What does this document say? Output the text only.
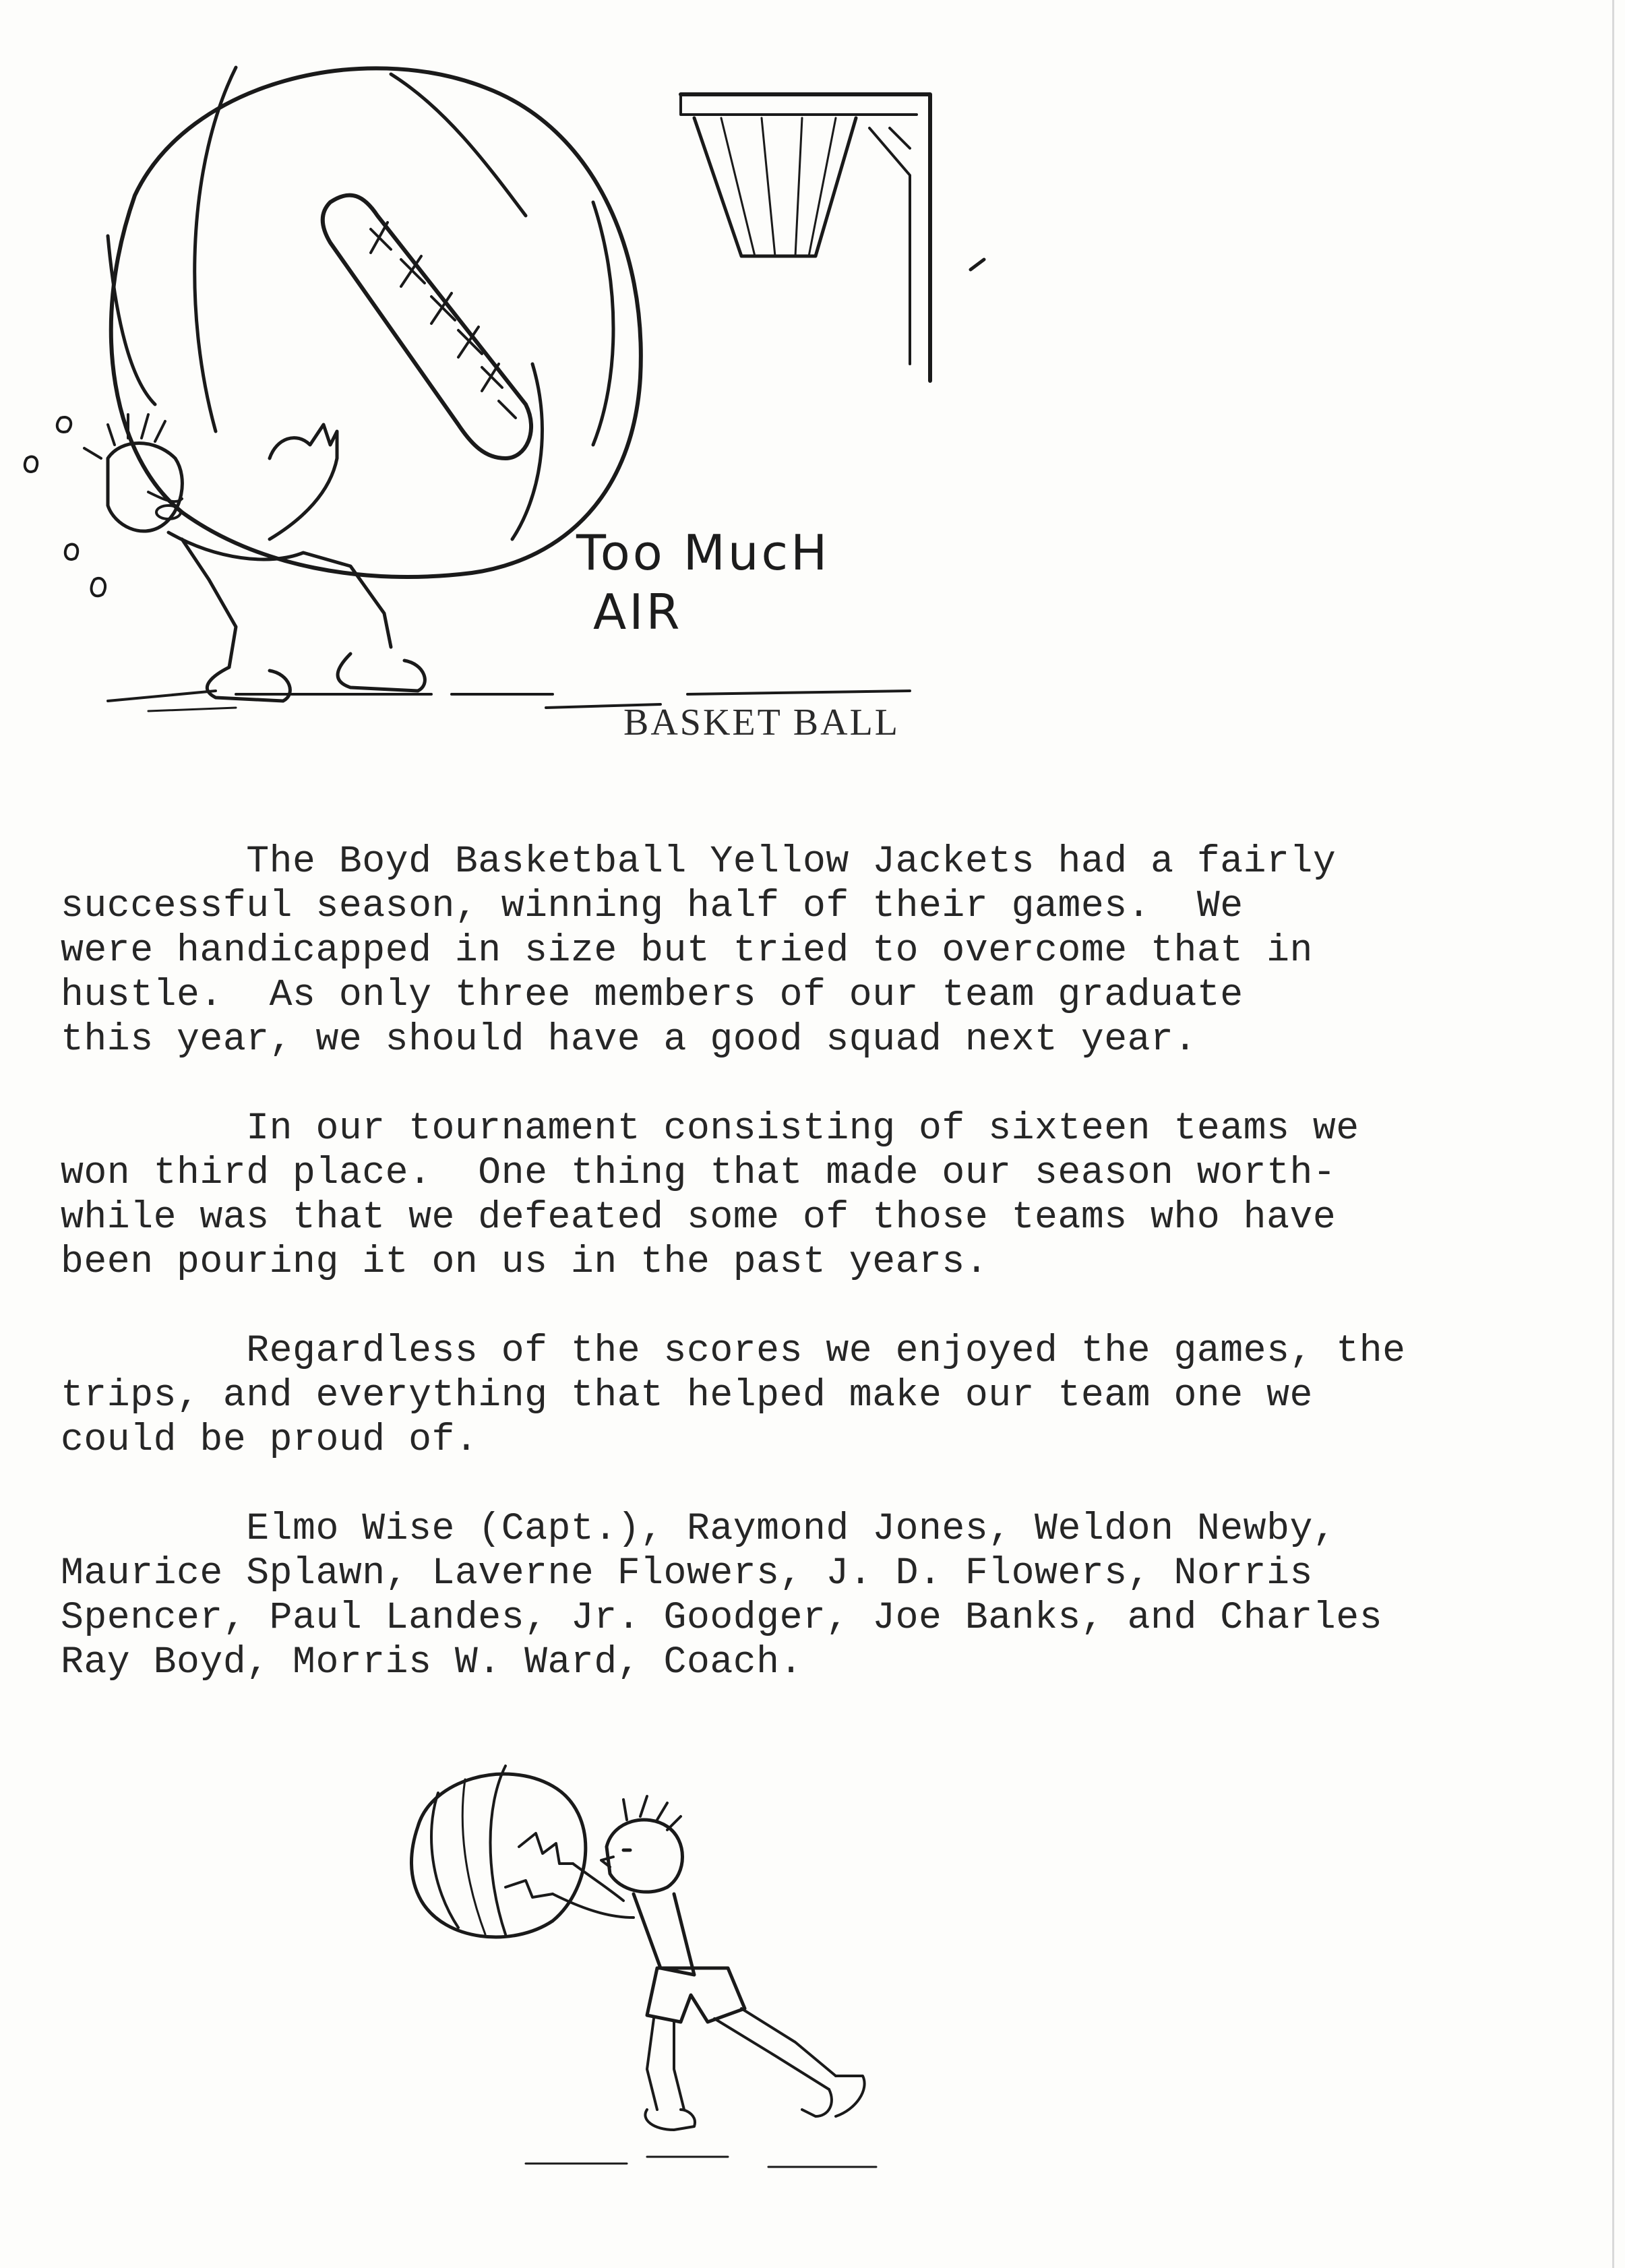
Too MucH
AIR
BASKET BALL

The Boyd Basketball Yellow Jackets had a fairly
successful season, winning half of their games.  We
were handicapped in size but tried to overcome that in
hustle.  As only three members of our team graduate
this year, we should have a good squad next year.

In our tournament consisting of sixteen teams we
won third place.  One thing that made our season worth-
while was that we defeated some of those teams who have
been pouring it on us in the past years.

Regardless of the scores we enjoyed the games, the
trips, and everything that helped make our team one we
could be proud of.

Elmo Wise (Capt.), Raymond Jones, Weldon Newby,
Maurice Splawn, Laverne Flowers, J. D. Flowers, Norris
Spencer, Paul Landes, Jr. Goodger, Joe Banks, and Charles
Ray Boyd, Morris W. Ward, Coach.
